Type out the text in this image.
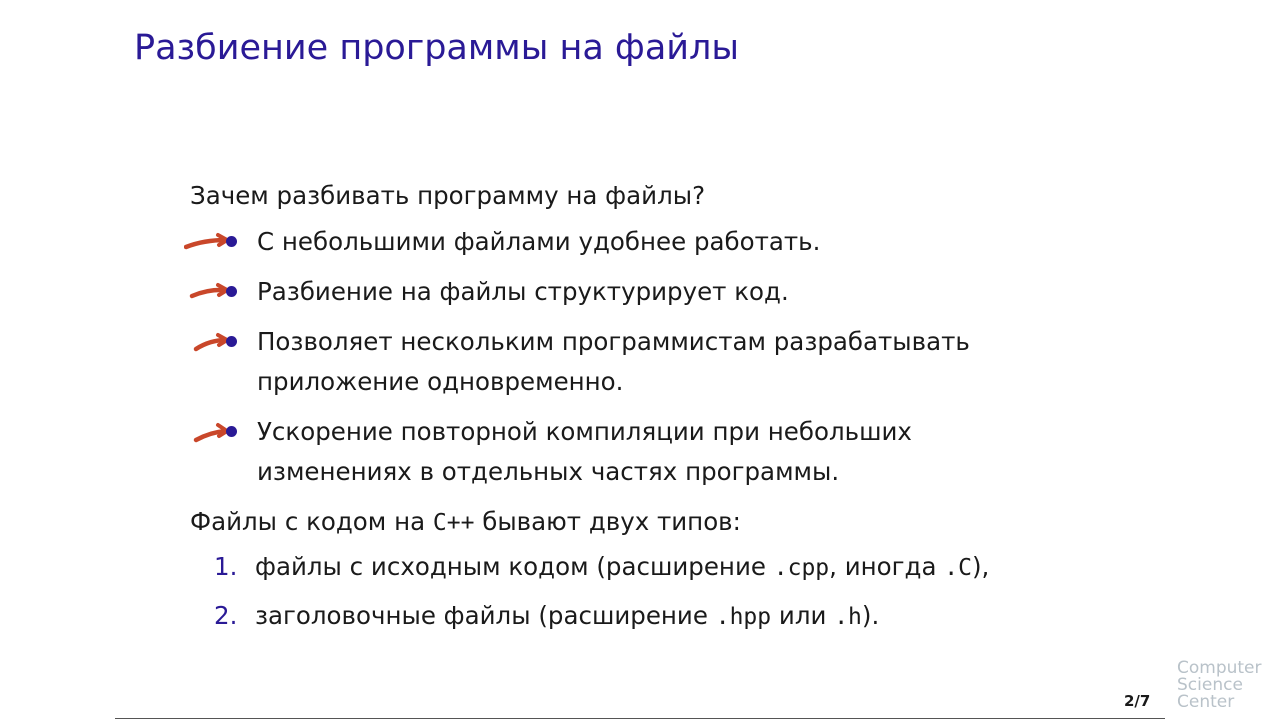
Разбиение программы на файлы

Зачем разбивать программу на файлы?

С небольшими файлами удобнее работать.
Разбиение на файлы структурирует код.
Позволяет нескольким программистам разрабатывать
приложение одновременно.
Ускорение повторной компиляции при небольших
изменениях в отдельных частях программы.

Файлы с кодом на C++ бывают двух типов:

1. файлы с исходным кодом (расширение .cpp, иногда .C),
2. заголовочные файлы (расширение .hpp или .h).
2/7
Computer
Science
Center
